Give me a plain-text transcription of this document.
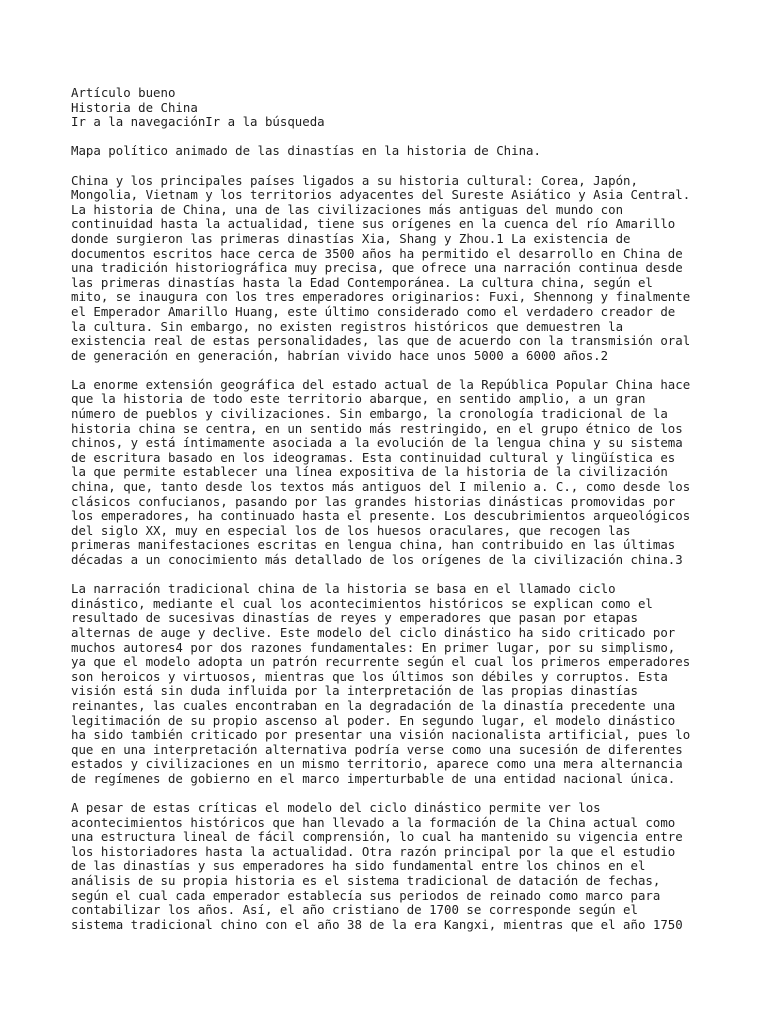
Artículo bueno
Historia de China
Ir a la navegaciónIr a la búsqueda
Mapa político animado de las dinastías en la historia de China.
China y los principales países ligados a su historia cultural: Corea, Japón,
Mongolia, Vietnam y los territorios adyacentes del Sureste Asiático y Asia Central.
La historia de China, una de las civilizaciones más antiguas del mundo con
continuidad hasta la actualidad, tiene sus orígenes en la cuenca del río Amarillo
donde surgieron las primeras dinastías Xia, Shang y Zhou.1 La existencia de
documentos escritos hace cerca de 3500 años ha permitido el desarrollo en China de
una tradición historiográfica muy precisa, que ofrece una narración continua desde
las primeras dinastías hasta la Edad Contemporánea. La cultura china, según el
mito, se inaugura con los tres emperadores originarios: Fuxi, Shennong y finalmente
el Emperador Amarillo Huang, este último considerado como el verdadero creador de
la cultura. Sin embargo, no existen registros históricos que demuestren la
existencia real de estas personalidades, las que de acuerdo con la transmisión oral
de generación en generación, habrían vivido hace unos 5000 a 6000 años.2
La enorme extensión geográfica del estado actual de la República Popular China hace
que la historia de todo este territorio abarque, en sentido amplio, a un gran
número de pueblos y civilizaciones. Sin embargo, la cronología tradicional de la
historia china se centra, en un sentido más restringido, en el grupo étnico de los
chinos, y está íntimamente asociada a la evolución de la lengua china y su sistema
de escritura basado en los ideogramas. Esta continuidad cultural y lingüística es
la que permite establecer una línea expositiva de la historia de la civilización
china, que, tanto desde los textos más antiguos del I milenio a. C., como desde los
clásicos confucianos, pasando por las grandes historias dinásticas promovidas por
los emperadores, ha continuado hasta el presente. Los descubrimientos arqueológicos
del siglo XX, muy en especial los de los huesos oraculares, que recogen las
primeras manifestaciones escritas en lengua china, han contribuido en las últimas
décadas a un conocimiento más detallado de los orígenes de la civilización china.3
La narración tradicional china de la historia se basa en el llamado ciclo
dinástico, mediante el cual los acontecimientos históricos se explican como el
resultado de sucesivas dinastías de reyes y emperadores que pasan por etapas
alternas de auge y declive. Este modelo del ciclo dinástico ha sido criticado por
muchos autores4 por dos razones fundamentales: En primer lugar, por su simplismo,
ya que el modelo adopta un patrón recurrente según el cual los primeros emperadores
son heroicos y virtuosos, mientras que los últimos son débiles y corruptos. Esta
visión está sin duda influida por la interpretación de las propias dinastías
reinantes, las cuales encontraban en la degradación de la dinastía precedente una
legitimación de su propio ascenso al poder. En segundo lugar, el modelo dinástico
ha sido también criticado por presentar una visión nacionalista artificial, pues lo
que en una interpretación alternativa podría verse como una sucesión de diferentes
estados y civilizaciones en un mismo territorio, aparece como una mera alternancia
de regímenes de gobierno en el marco imperturbable de una entidad nacional única.
A pesar de estas críticas el modelo del ciclo dinástico permite ver los
acontecimientos históricos que han llevado a la formación de la China actual como
una estructura lineal de fácil comprensión, lo cual ha mantenido su vigencia entre
los historiadores hasta la actualidad. Otra razón principal por la que el estudio
de las dinastías y sus emperadores ha sido fundamental entre los chinos en el
análisis de su propia historia es el sistema tradicional de datación de fechas,
según el cual cada emperador establecía sus periodos de reinado como marco para
contabilizar los años. Así, el año cristiano de 1700 se corresponde según el
sistema tradicional chino con el año 38 de la era Kangxi, mientras que el año 1750
